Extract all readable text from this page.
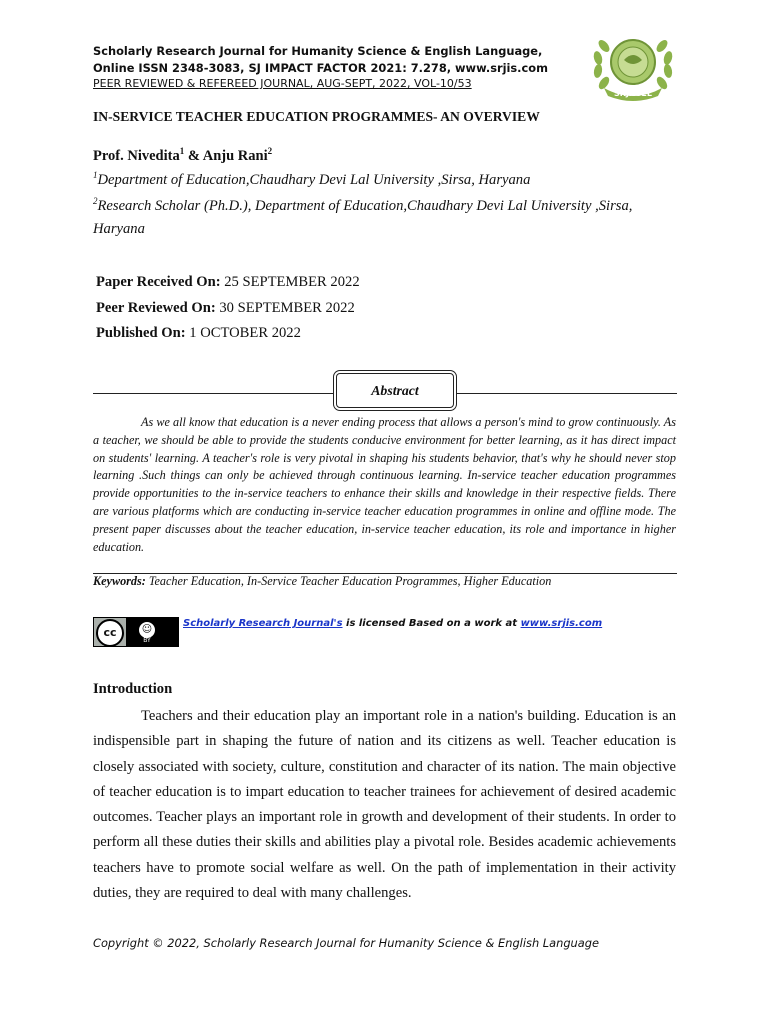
Scholarly Research Journal for Humanity Science & English Language,
Online ISSN 2348-3083, SJ IMPACT FACTOR 2021: 7.278, www.srjis.com
PEER REVIEWED & REFEREED JOURNAL, AUG-SEPT, 2022, VOL-10/53
SRJHSEL
IN-SERVICE TEACHER EDUCATION PROGRAMMES- AN OVERVIEW
Prof. Nivedita$^1$ & Anju Rani$^2$
$^1$Department of Education,Chaudhary Devi Lal University ,Sirsa, Haryana
$^2$Research Scholar (Ph.D.), Department of Education,Chaudhary Devi Lal University ,Sirsa,
Haryana
Paper Received On: 25 SEPTEMBER 2022
Peer Reviewed On: 30 SEPTEMBER 2022
Published On: 1 OCTOBER 2022
Abstract

As we all know that education is a never ending process that allows a person's mind to grow continuously. As a teacher, we should be able to provide the students conducive environment for better learning, as it has direct impact on students' learning. A teacher's role is very pivotal in shaping his students behavior, that's why he should never stop learning .Such things can only be achieved through continuous learning. In-service teacher education programmes provide opportunities to the in-service teachers to enhance their skills and knowledge in their respective fields. There are various platforms which are conducting in-service teacher education programmes in online and offline mode. The present paper discusses about the teacher education, in-service teacher education, its role and importance in higher education.

Keywords: Teacher Education, In-Service Teacher Education Programmes, Higher Education
cc	☺
BY
Scholarly Research Journal's is licensed Based on a work at www.srjis.com
Introduction

Teachers and their education play an important role in a nation's building. Education is an indispensible part in shaping the future of nation and its citizens as well. Teacher education is closely associated with society, culture, constitution and character of its nation. The main objective of teacher education is to impart education to teacher trainees for achievement of desired academic outcomes. Teacher plays an important role in growth and development of their students. In order to perform all these duties their skills and abilities play a pivotal role. Besides academic achievements teachers have to promote social welfare as well. On the path of implementation in their activity duties, they are required to deal with many challenges.

Copyright © 2022, Scholarly Research Journal for Humanity Science & English Language
